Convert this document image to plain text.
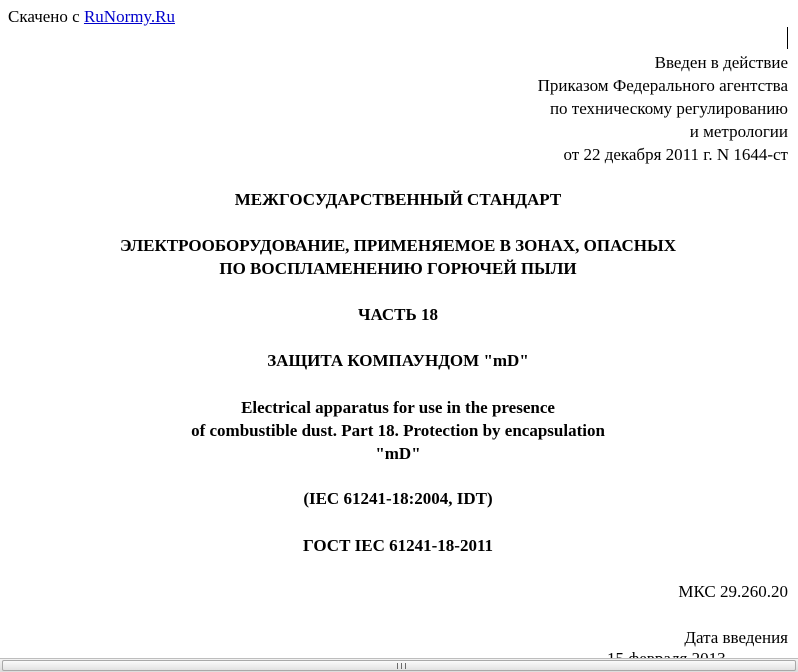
Скачено с RuNormy.Ru
Введен в действие
Приказом Федерального агентства
по техническому регулированию
и метрологии
от 22 декабря 2011 г. N 1644-ст
МЕЖГОСУДАРСТВЕННЫЙ СТАНДАРТ
ЭЛЕКТРООБОРУДОВАНИЕ, ПРИМЕНЯЕМОЕ В ЗОНАХ, ОПАСНЫХ
ПО ВОСПЛАМЕНЕНИЮ ГОРЮЧЕЙ ПЫЛИ
ЧАСТЬ 18
ЗАЩИТА КОМПАУНДОМ "mD"
Electrical apparatus for use in the presence
of combustible dust. Part 18. Protection by encapsulation
"mD"
(IEC 61241-18:2004, IDT)
ГОСТ IEC 61241-18-2011
МКС 29.260.20
Дата введения
